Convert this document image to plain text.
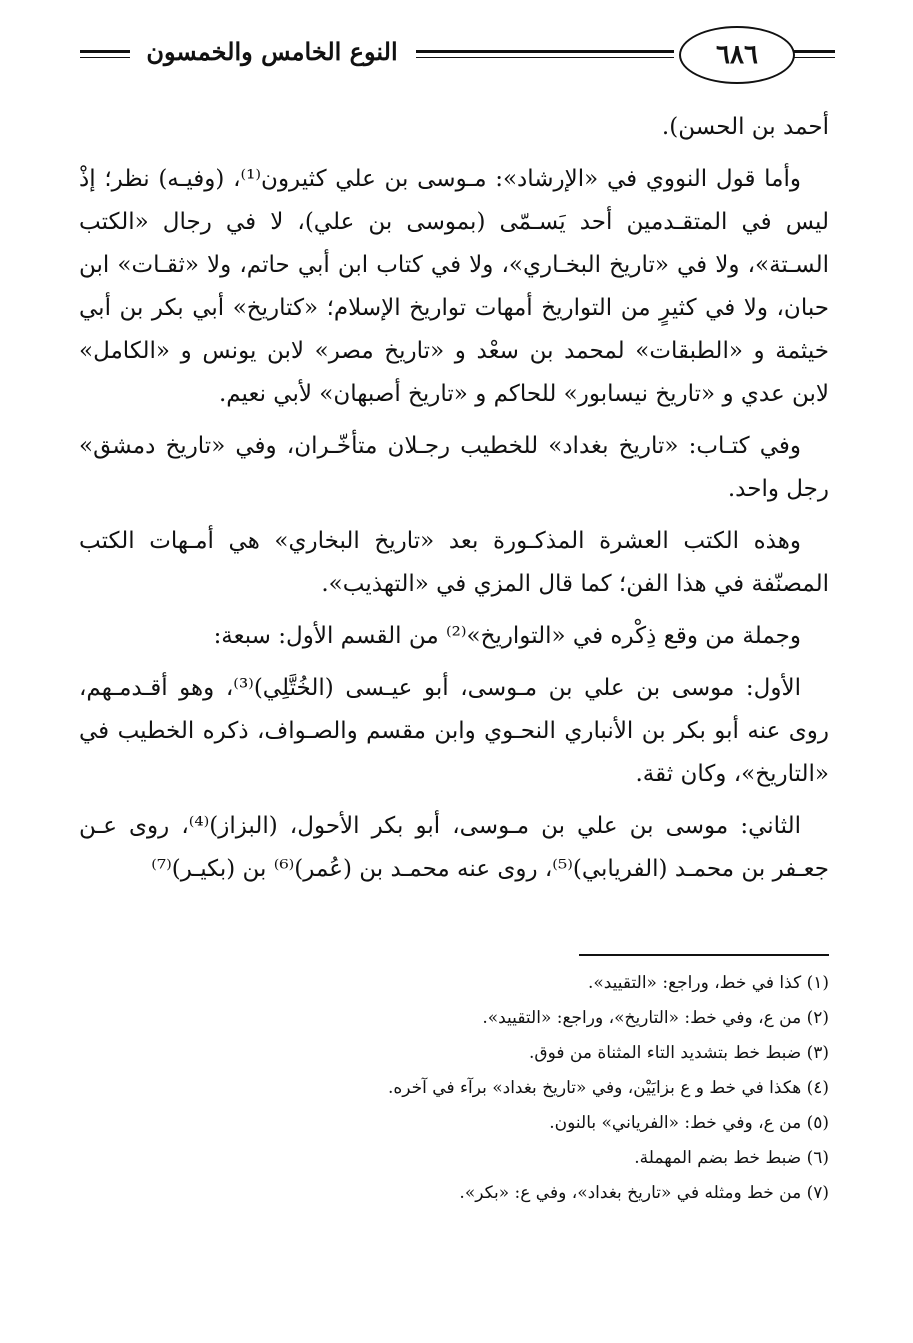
النوع الخامس والخمسون	٦٨٦

أحمد بن الحسن).

وأما قول النووي في «الإرشاد»: مـوسى بن علي كثيرون⁽¹⁾، (وفيـه) نظر؛ إذْ ليس في المتقـدمين أحد يَسـمّى (بموسى بن علي)، لا في رجال «الكتب السـتة»، ولا في «تاريخ البخـاري»، ولا في كتاب ابن أبي حاتم، ولا «ثقـات» ابن حبان، ولا في كثيرٍ من التواريخ أمهات تواريخ الإسلام؛ «كتاريخ» أبي بكر بن أبي خيثمة و «الطبقات» لمحمد بن سعْد و «تاريخ مصر» لابن يونس و «الكامل» لابن عدي و «تاريخ نيسابور» للحاكم و «تاريخ أصبهان» لأبي نعيم.

وفي كتـاب: «تاريخ بغداد» للخطيب رجـلان متأخّـران، وفي «تاريخ دمشق» رجل واحد.

وهذه الكتب العشرة المذكـورة بعد «تاريخ البخاري» هي أمـهات الكتب المصنّفة في هذا الفن؛ كما قال المزي في «التهذيب».

وجملة من وقع ذِكْره في «التواريخ»⁽²⁾ من القسم الأول: سبعة:

الأول: موسى بن علي بن مـوسى، أبو عيـسى (الخُتَّلِي)⁽³⁾، وهو أقـدمـهم، روى عنه أبو بكر بن الأنباري النحـوي وابن مقسم والصـواف، ذكره الخطيب في «التاريخ»، وكان ثقة.

الثاني: موسى بن علي بن مـوسى، أبو بكر الأحول، (البزاز)⁽⁴⁾، روى عـن جعـفر بن محمـد (الفريابي)⁽⁵⁾، روى عنه محمـد بن (عُمر)⁽⁶⁾ بن (بكيـر)⁽⁷⁾

(١) كذا في خط، وراجع: «التقييد».

(٢) من ع، وفي خط: «التاريخ»، وراجع: «التقييد».

(٣) ضبط خط بتشديد التاء المثناة من فوق.

(٤) هكذا في خط و ع بزايَيْن، وفي «تاريخ بغداد» برآء في آخره.

(٥) من ع، وفي خط: «الفرياني» بالنون.

(٦) ضبط خط بضم المهملة.

(٧) من خط ومثله في «تاريخ بغداد»، وفي ع: «بكر».
